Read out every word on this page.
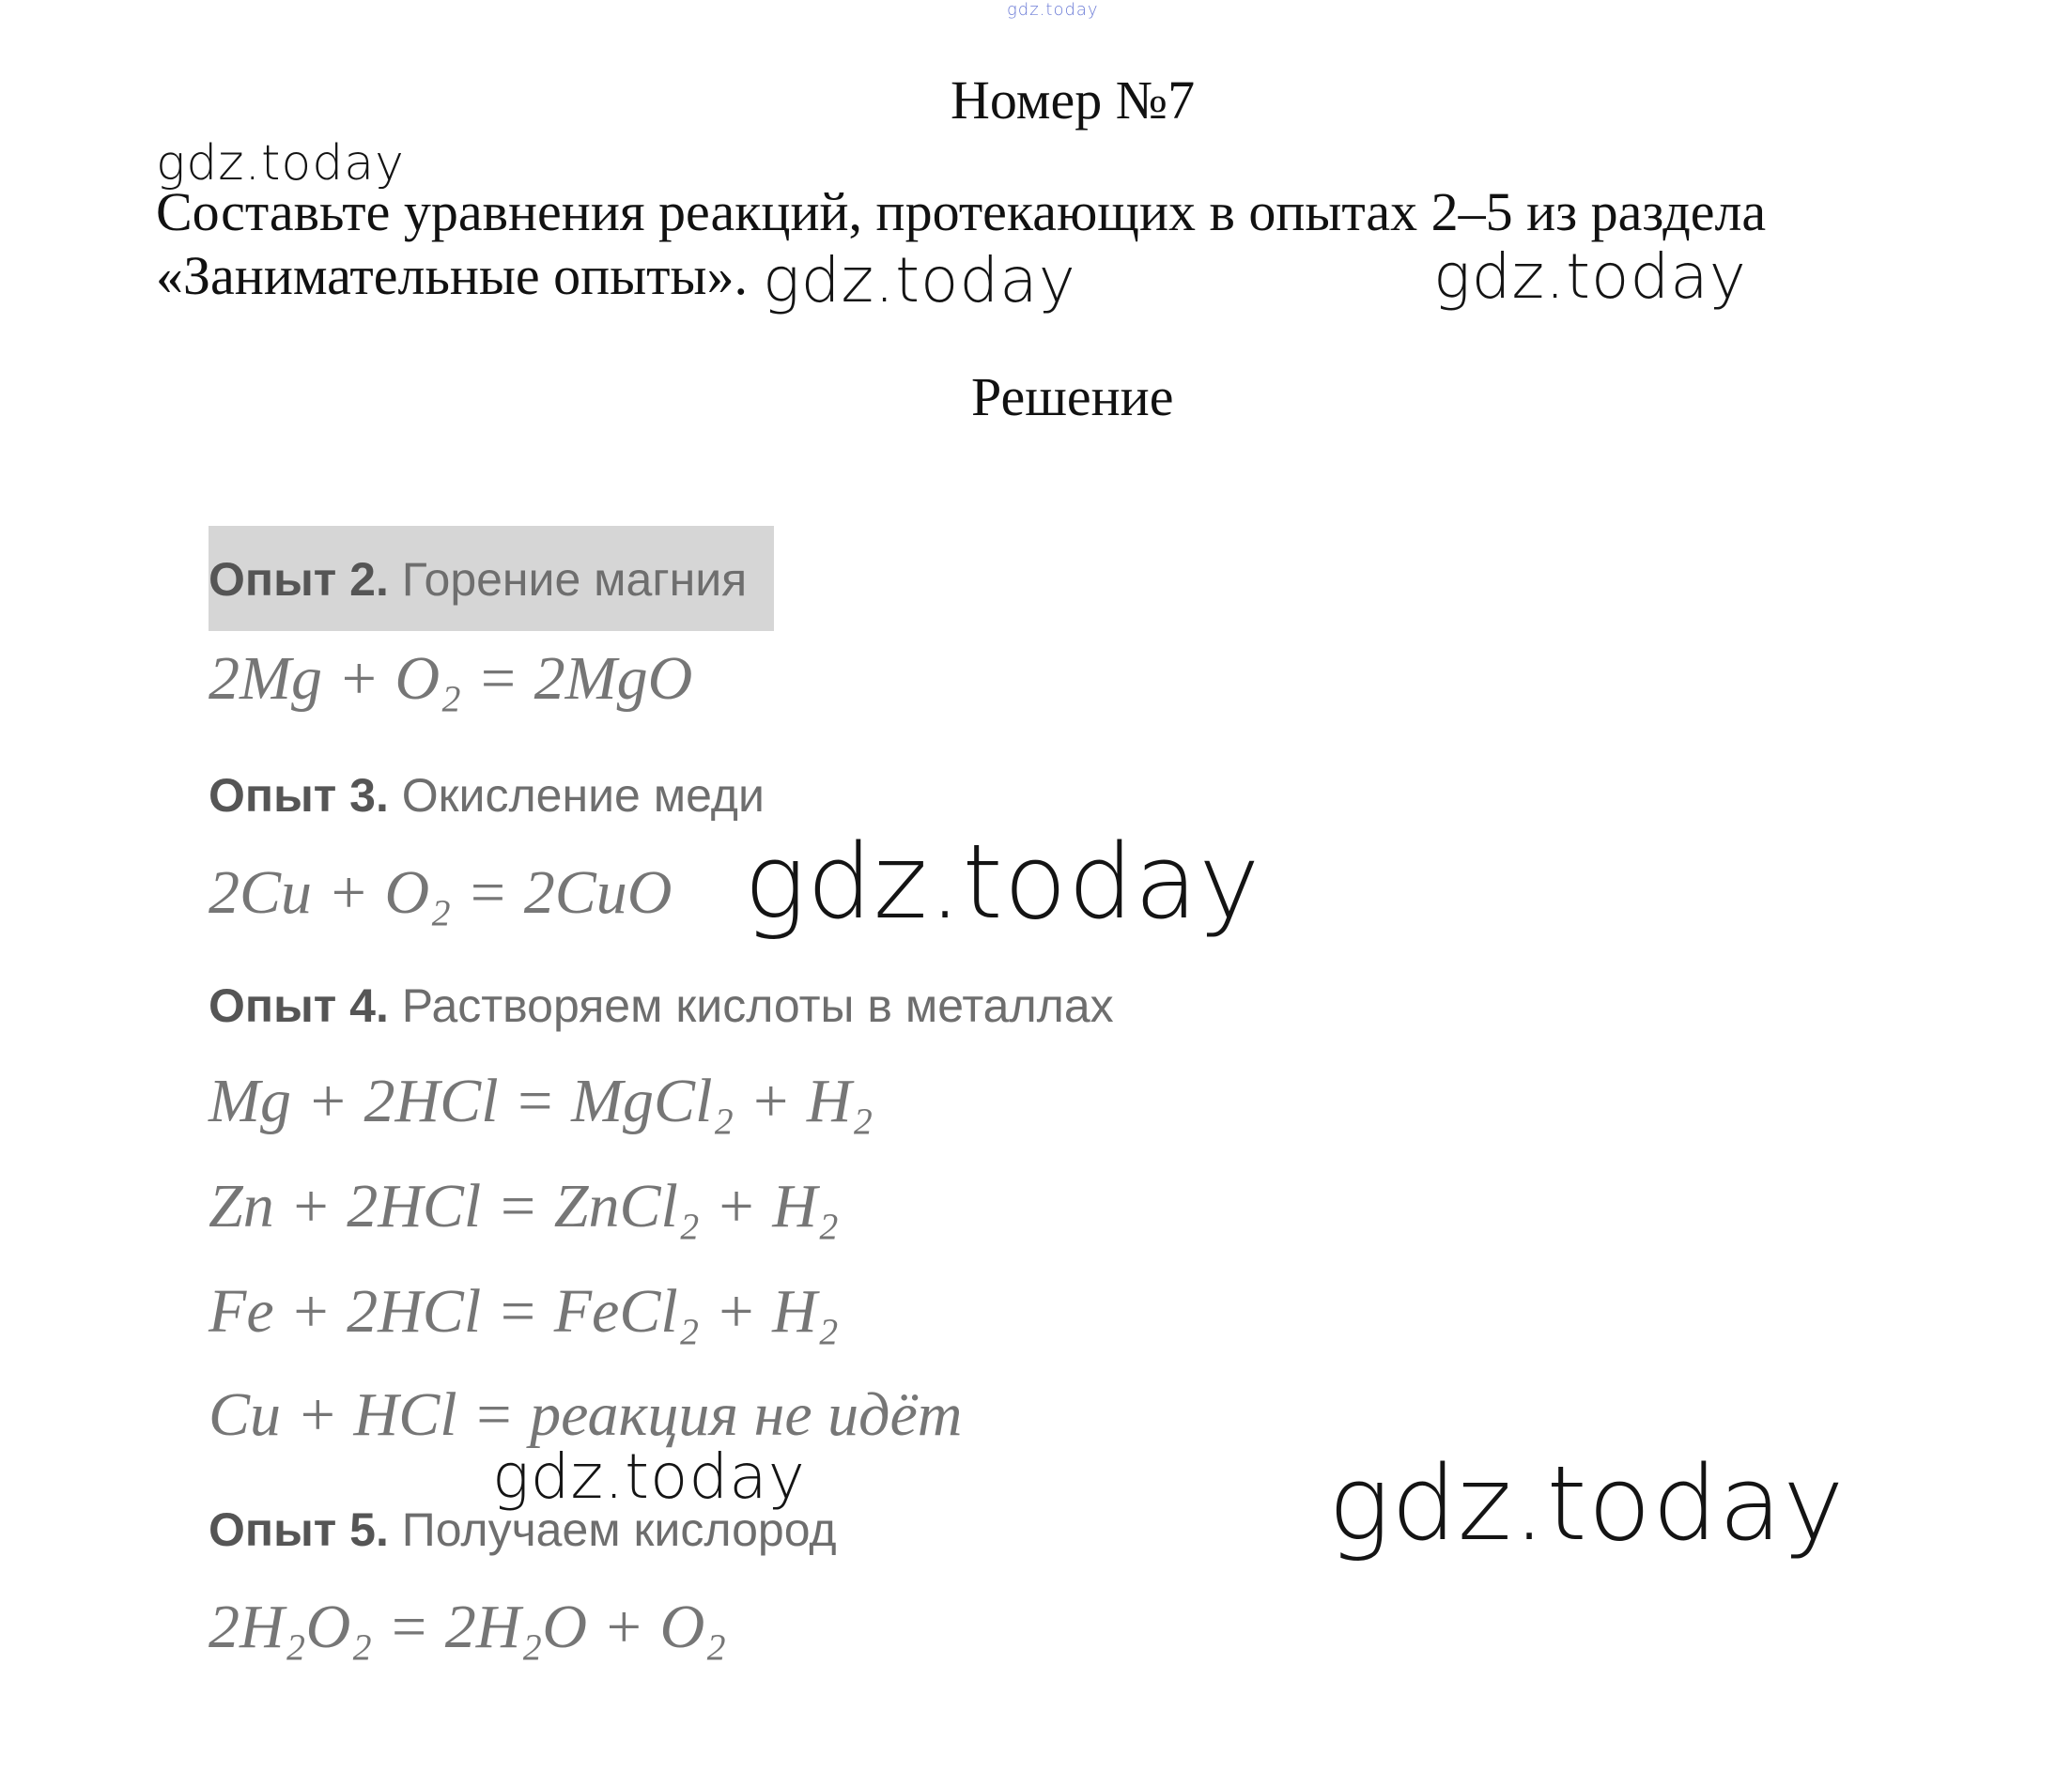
gdz.today
Номер №7
gdz.today
Составьте уравнения реакций, протекающих в опытах 2–5 из раздела
«Занимательные опыты». gdz.today	gdz.today
Решение
Опыт 2. Горение магния
2Mg + O₂ = 2MgO
Опыт 3. Окисление меди
2Cu + O₂ = 2CuO gdz.today
Опыт 4. Растворяем кислоты в металлах
Mg + 2HCl = MgCl₂ + H₂
Zn + 2HCl = ZnCl₂ + H₂
Fe + 2HCl = FeCl₂ + H₂
Cu + HCl = реакция не идёт
gdz.today
Опыт 5. Получаем кислород
2H₂O₂ = 2H₂O + O₂
gdz.today
